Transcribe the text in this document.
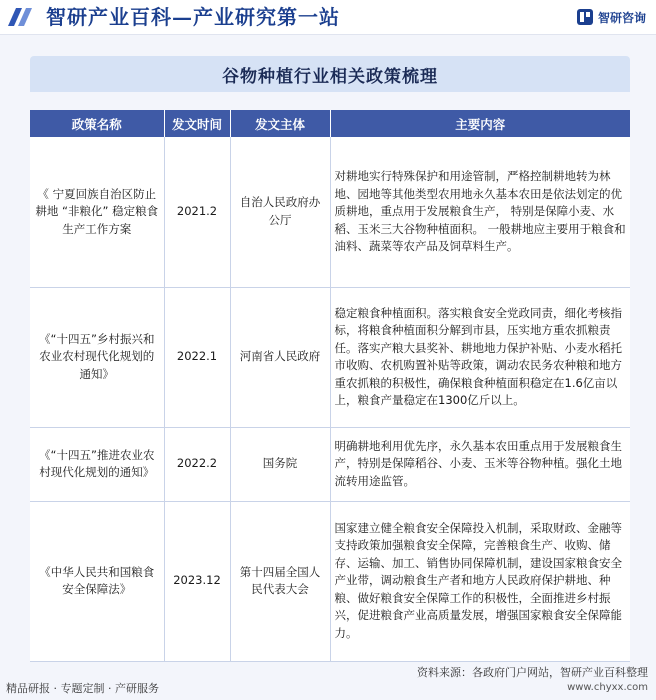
智研产业百科—产业研究第一站	智研咨询
谷物种植行业相关政策梳理
政策名称	发文时间	发文主体	主要内容
《 宁夏回族自治区防止耕地 “非粮化” 稳定粮食生产工作方案	2021.2	自治人民政府办公厅	对耕地实行特殊保护和用途管制，严格控制耕地转为林地、园地等其他类型农用地永久基本农田是依法划定的优质耕地，重点用于发展粮食生产， 特别是保障小麦、水稻、玉米三大谷物种植面积。 一般耕地应主要用于粮食和油料、蔬菜等农产品及饲草料生产。
《“十四五”乡村振兴和农业农村现代化规划的通知》	2022.1	河南省人民政府	稳定粮食种植面积。落实粮食安全党政同责，细化考核指标，将粮食种植面积分解到市县，压实地方重农抓粮责任。落实产粮大县奖补、耕地地力保护补贴、小麦水稻托市收购、农机购置补贴等政策，调动农民务农种粮和地方重农抓粮的积极性，确保粮食种植面积稳定在1.6亿亩以上，粮食产量稳定在1300亿斤以上。
《“十四五”推进农业农村现代化规划的通知》	2022.2	国务院	明确耕地利用优先序，永久基本农田重点用于发展粮食生产，特别是保障稻谷、小麦、玉米等谷物种植。强化土地流转用途监管。
《中华人民共和国粮食安全保障法》	2023.12	第十四届全国人民代表大会	国家建立健全粮食安全保障投入机制，采取财政、金融等支持政策加强粮食安全保障，完善粮食生产、收购、储存、运输、加工、销售协同保障机制，建设国家粮食安全产业带，调动粮食生产者和地方人民政府保护耕地、种粮、做好粮食安全保障工作的积极性，全面推进乡村振兴，促进粮食产业高质量发展，增强国家粮食安全保障能力。
精品研报 · 专题定制 · 产研服务
资料来源：各政府门户网站，智研产业百科整理
www.chyxx.com
